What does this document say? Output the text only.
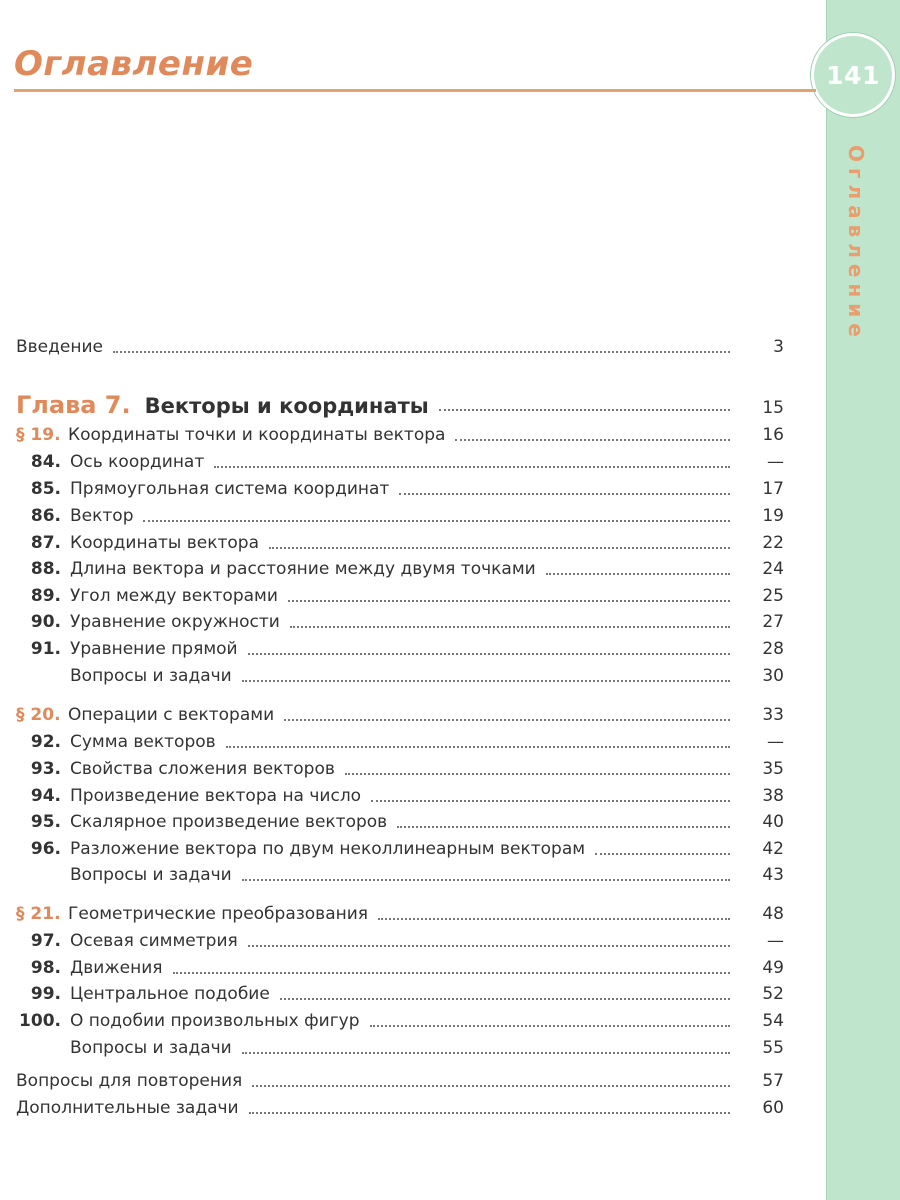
Оглавление
141
Оглавление
Введение	3
Глава 7. Векторы и координаты	15
§ 19. Координаты точки и координаты вектора	16
84. Ось координат	—
85. Прямоугольная система координат	17
86. Вектор	19
87. Координаты вектора	22
88. Длина вектора и расстояние между двумя точками	24
89. Угол между векторами	25
90. Уравнение окружности	27
91. Уравнение прямой	28
Вопросы и задачи	30
§ 20. Операции с векторами	33
92. Сумма векторов	—
93. Свойства сложения векторов	35
94. Произведение вектора на число	38
95. Скалярное произведение векторов	40
96. Разложение вектора по двум неколлинеарным векторам	42
Вопросы и задачи	43
§ 21. Геометрические преобразования	48
97. Осевая симметрия	—
98. Движения	49
99. Центральное подобие	52
100. О подобии произвольных фигур	54
Вопросы и задачи	55
Вопросы для повторения	57
Дополнительные задачи	60
